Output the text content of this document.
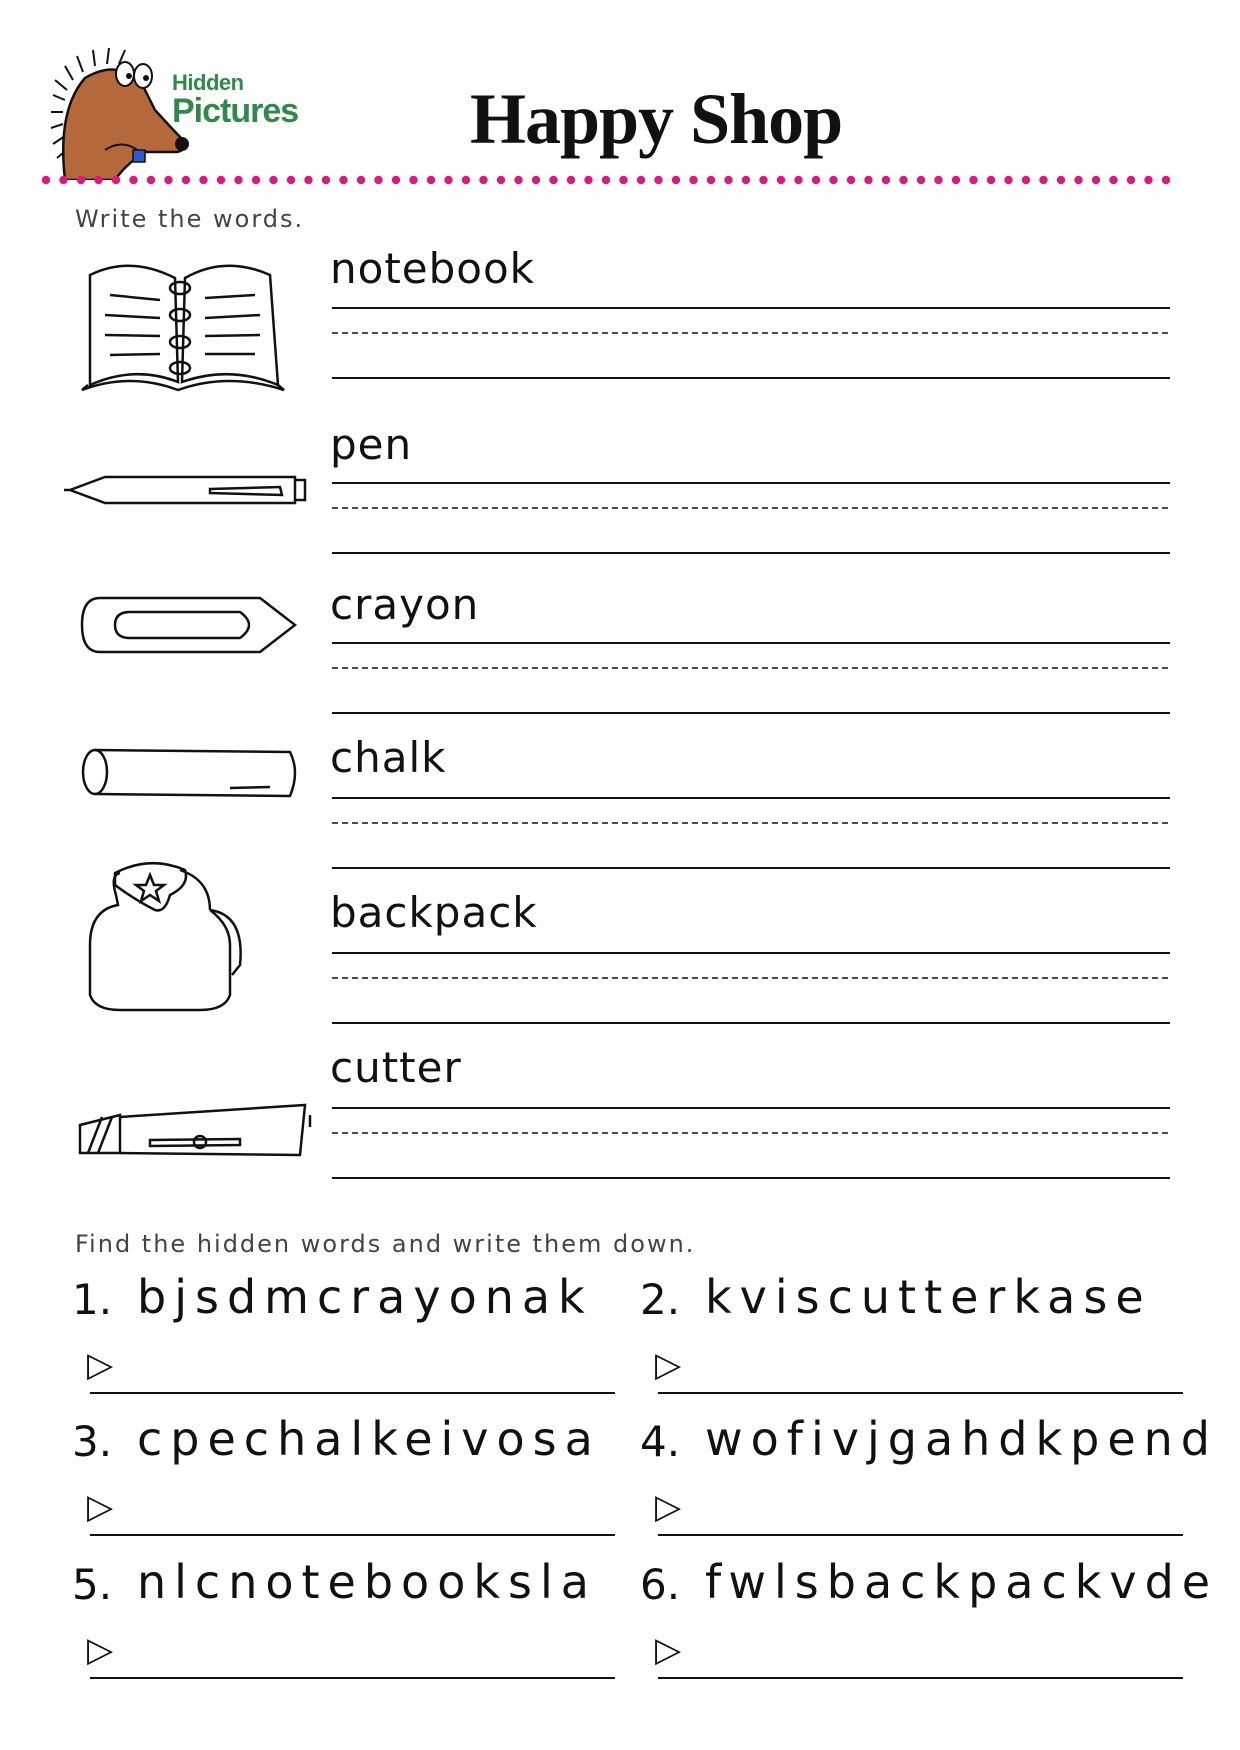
Hidden
Pictures Happy Shop
Write the words.
notebook
pen
crayon
chalk
backpack
cutter
Find the hidden words and write them down.
1. bjsdmcrayonak
▷
2. kviscutterkase
▷
3. cpechalkeivosa
▷
4. wofivjgahdkpend
▷
5. nlcnotebooksla
▷
6. fwlsbackpackvde
▷
